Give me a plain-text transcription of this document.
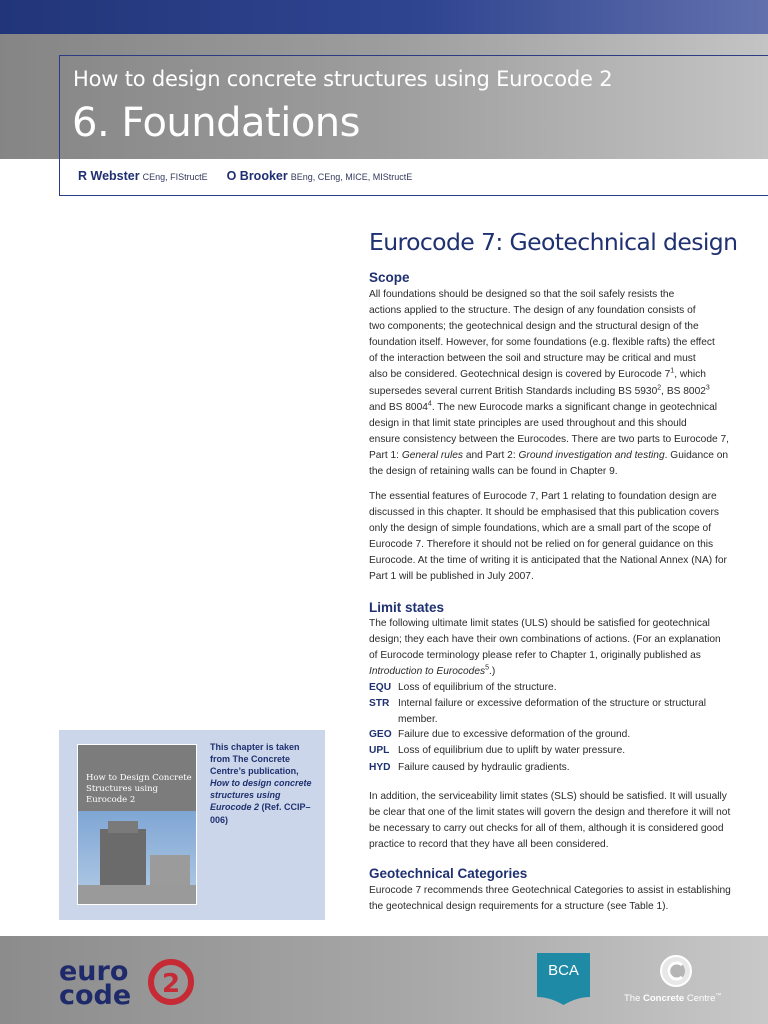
How to design concrete structures using Eurocode 2
6. Foundations
R Webster CEng, FIStructE O Brooker BEng, CEng, MICE, MIStructE
Eurocode 7: Geotechnical design
Scope
All foundations should be designed so that the soil safely resists the
actions applied to the structure. The design of any foundation consists of
two components; the geotechnical design and the structural design of the
foundation itself. However, for some foundations (e.g. flexible rafts) the effect
of the interaction between the soil and structure may be critical and must
also be considered. Geotechnical design is covered by Eurocode $7^1$, which
supersedes several current British Standards including BS 5930$^2$, BS 8002$^3$
and BS 8004$^4$. The new Eurocode marks a significant change in geotechnical
design in that limit state principles are used throughout and this should
ensure consistency between the Eurocodes. There are two parts to Eurocode 7,
Part 1: General rules and Part 2: Ground investigation and testing. Guidance on
the design of retaining walls can be found in Chapter 9.
The essential features of Eurocode 7, Part 1 relating to foundation design are discussed in this chapter. It should be emphasised that this publication covers only the design of simple foundations, which are a small part of the scope of Eurocode 7. Therefore it should not be relied on for general guidance on this Eurocode. At the time of writing it is anticipated that the National Annex (NA) for Part 1 will be published in July 2007.
Limit states
The following ultimate limit states (ULS) should be satisfied for geotechnical design; they each have their own combinations of actions. (For an explanation of Eurocode terminology please refer to Chapter 1, originally published as Introduction to Eurocodes$^5$.)
EQU Loss of equilibrium of the structure.
STR Internal failure or excessive deformation of the structure or structural member.
GEO Failure due to excessive deformation of the ground.
UPL Loss of equilibrium due to uplift by water pressure.
HYD Failure caused by hydraulic gradients.
In addition, the serviceability limit states (SLS) should be satisfied. It will usually be clear that one of the limit states will govern the design and therefore it will not be necessary to carry out checks for all of them, although it is considered good practice to record that they have all been considered.
Geotechnical Categories
Eurocode 7 recommends three Geotechnical Categories to assist in establishing the geotechnical design requirements for a structure (see Table 1).
How to Design Concrete Structures using Eurocode 2
This chapter is taken from The Concrete Centre’s publication, How to design concrete structures using Eurocode 2 (Ref. CCIP–006)
euro
code 2	BCA
The Concrete Centre™
